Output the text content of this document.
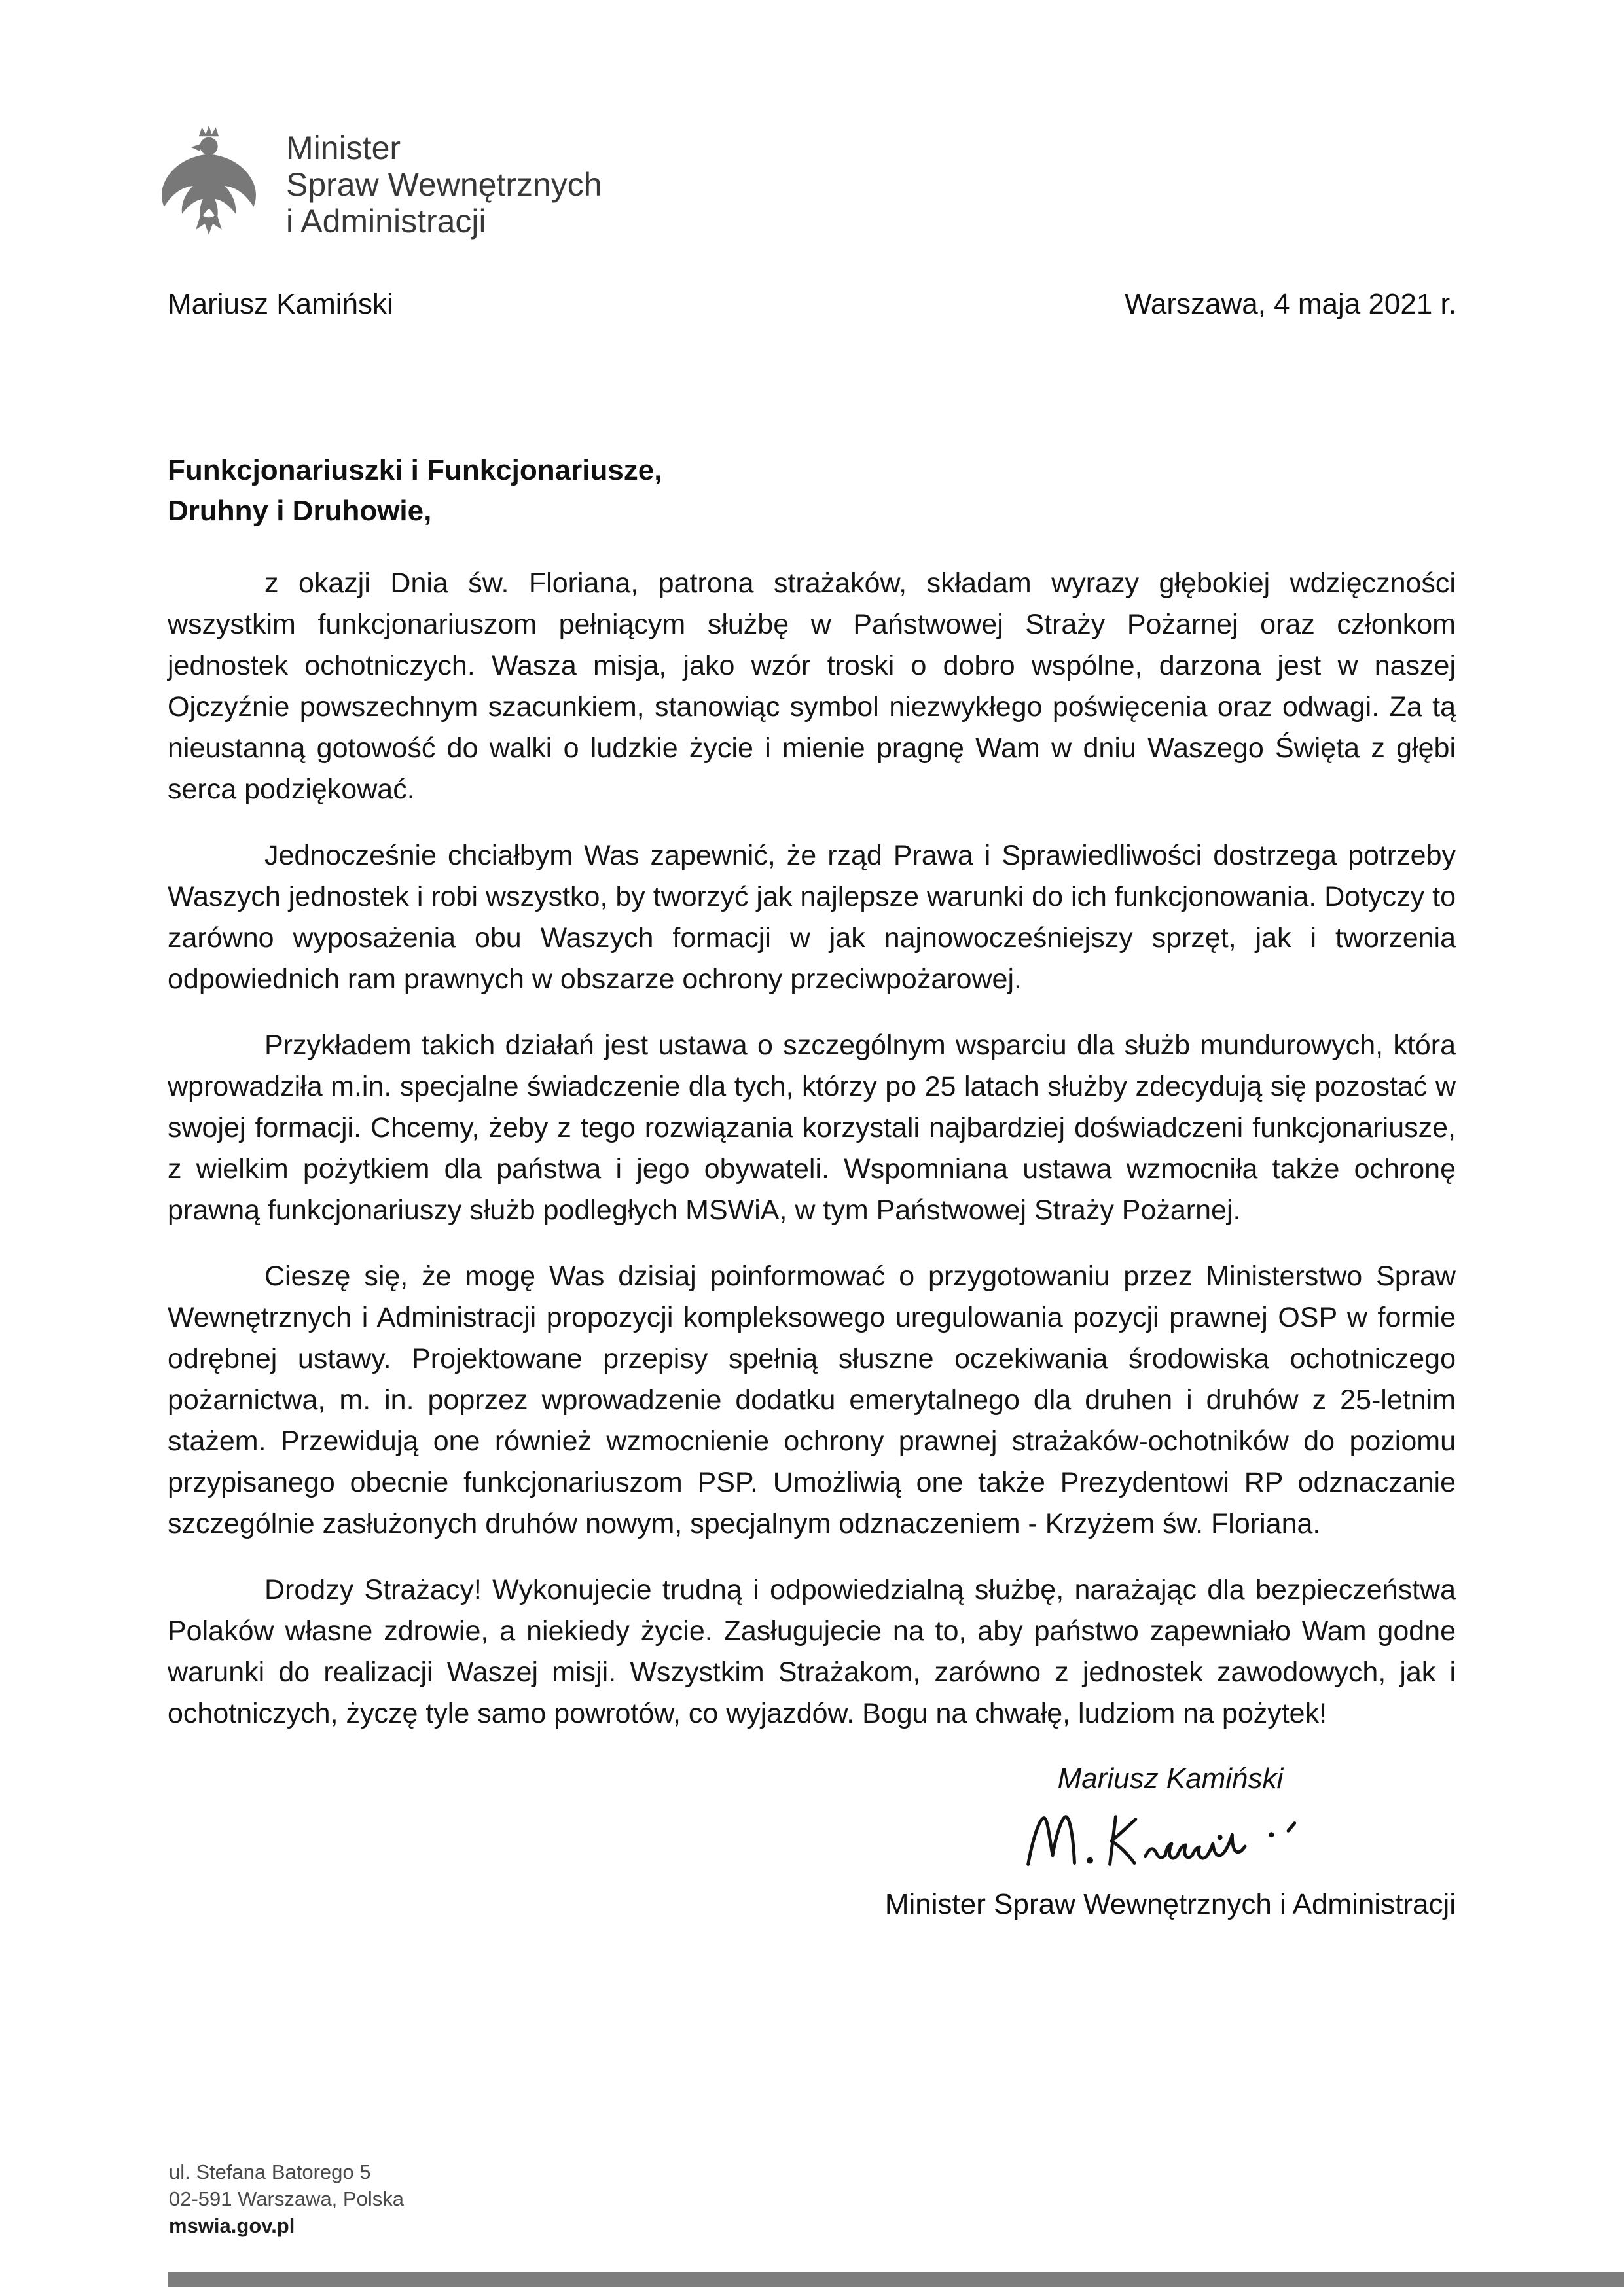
Minister
Spraw Wewnętrznych
i Administracji
Mariusz Kamiński	Warszawa, 4 maja 2021 r.
Funkcjonariuszki i Funkcjonariusze,
Druhny i Druhowie,

z okazji Dnia św. Floriana, patrona strażaków, składam wyrazy głębokiej wdzięczności wszystkim funkcjonariuszom pełniącym służbę w Państwowej Straży Pożarnej oraz członkom jednostek ochotniczych. Wasza misja, jako wzór troski o dobro wspólne, darzona jest w naszej Ojczyźnie powszechnym szacunkiem, stanowiąc symbol niezwykłego poświęcenia oraz odwagi. Za tą nieustanną gotowość do walki o ludzkie życie i mienie pragnę Wam w dniu Waszego Święta z głębi serca podziękować.

Jednocześnie chciałbym Was zapewnić, że rząd Prawa i Sprawiedliwości dostrzega potrzeby Waszych jednostek i robi wszystko, by tworzyć jak najlepsze warunki do ich funkcjonowania. Dotyczy to zarówno wyposażenia obu Waszych formacji w jak najnowocześniejszy sprzęt, jak i tworzenia odpowiednich ram prawnych w obszarze ochrony przeciwpożarowej.

Przykładem takich działań jest ustawa o szczególnym wsparciu dla służb mundurowych, która wprowadziła m.in. specjalne świadczenie dla tych, którzy po 25 latach służby zdecydują się pozostać w swojej formacji. Chcemy, żeby z tego rozwiązania korzystali najbardziej doświadczeni funkcjonariusze, z wielkim pożytkiem dla państwa i jego obywateli. Wspomniana ustawa wzmocniła także ochronę prawną funkcjonariuszy służb podległych MSWiA, w tym Państwowej Straży Pożarnej.

Cieszę się, że mogę Was dzisiaj poinformować o przygotowaniu przez Ministerstwo Spraw Wewnętrznych i Administracji propozycji kompleksowego uregulowania pozycji prawnej OSP w formie odrębnej ustawy. Projektowane przepisy spełnią słuszne oczekiwania środowiska ochotniczego pożarnictwa, m. in. poprzez wprowadzenie dodatku emerytalnego dla druhen i druhów z 25-letnim stażem. Przewidują one również wzmocnienie ochrony prawnej strażaków-ochotników do poziomu przypisanego obecnie funkcjonariuszom PSP. Umożliwią one także Prezydentowi RP odznaczanie szczególnie zasłużonych druhów nowym, specjalnym odznaczeniem - Krzyżem św. Floriana.

Drodzy Strażacy! Wykonujecie trudną i odpowiedzialną służbę, narażając dla bezpieczeństwa Polaków własne zdrowie, a niekiedy życie. Zasługujecie na to, aby państwo zapewniało Wam godne warunki do realizacji Waszej misji. Wszystkim Strażakom, zarówno z jednostek zawodowych, jak i ochotniczych, życzę tyle samo powrotów, co wyjazdów. Bogu na chwałę, ludziom na pożytek!

Mariusz Kamiński
Minister Spraw Wewnętrznych i Administracji
ul. Stefana Batorego 5
02-591 Warszawa, Polska
mswia.gov.pl
